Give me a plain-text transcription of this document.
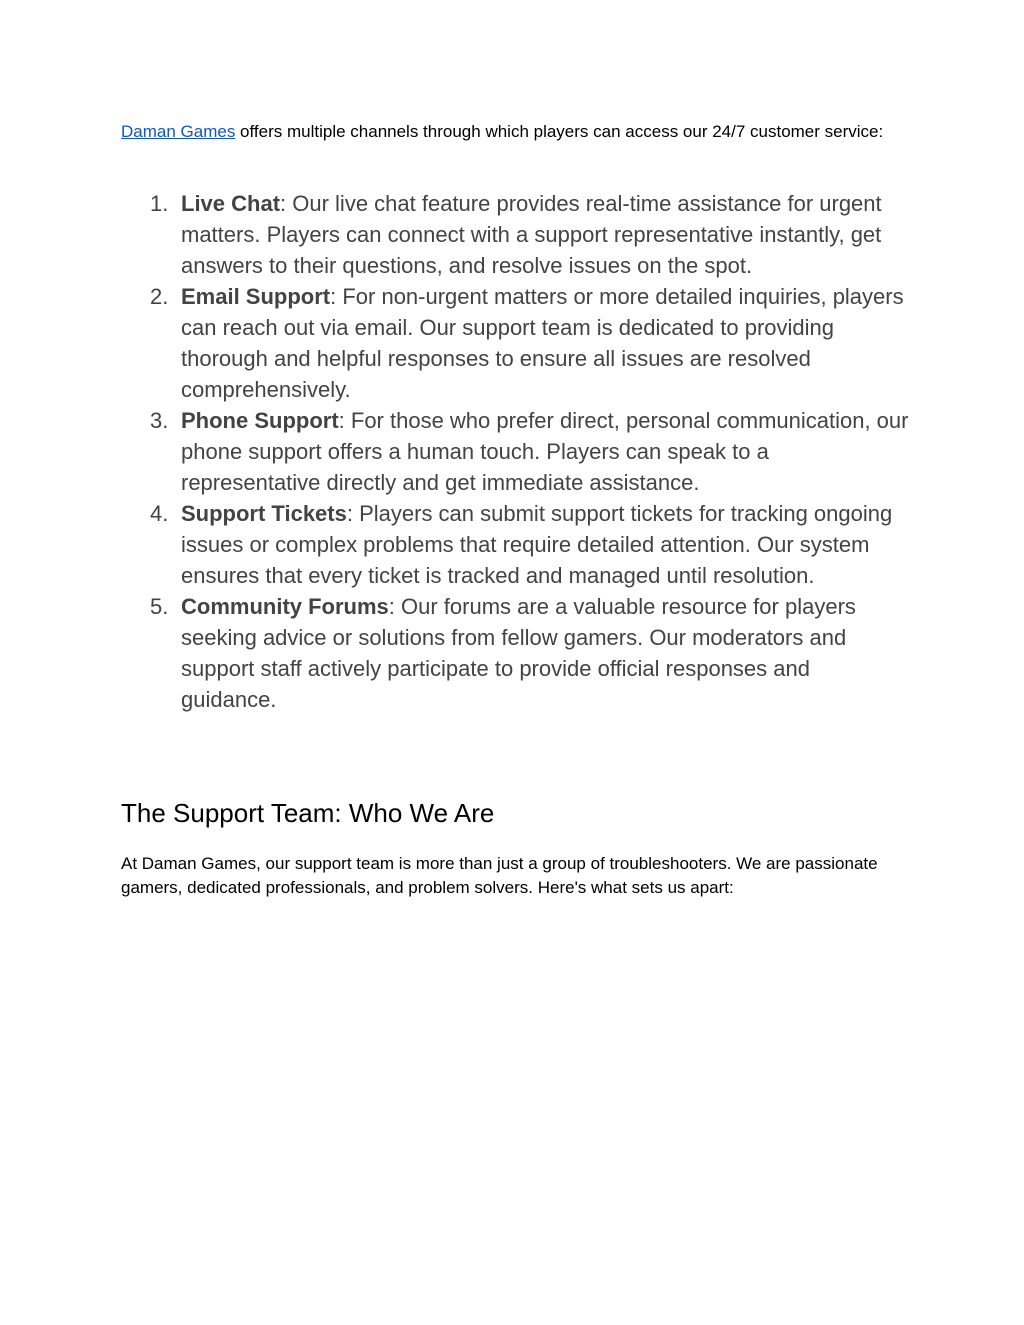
Daman Games offers multiple channels through which players can access our 24/7 customer service:

1. Live Chat: Our live chat feature provides real-time assistance for urgent matters. Players can connect with a support representative instantly, get answers to their questions, and resolve issues on the spot.
2. Email Support: For non-urgent matters or more detailed inquiries, players can reach out via email. Our support team is dedicated to providing thorough and helpful responses to ensure all issues are resolved comprehensively.
3. Phone Support: For those who prefer direct, personal communication, our phone support offers a human touch. Players can speak to a representative directly and get immediate assistance.
4. Support Tickets: Players can submit support tickets for tracking ongoing issues or complex problems that require detailed attention. Our system ensures that every ticket is tracked and managed until resolution.
5. Community Forums: Our forums are a valuable resource for players seeking advice or solutions from fellow gamers. Our moderators and support staff actively participate to provide official responses and guidance.
The Support Team: Who We Are

At Daman Games, our support team is more than just a group of troubleshooters. We are passionate gamers, dedicated professionals, and problem solvers. Here's what sets us apart:
